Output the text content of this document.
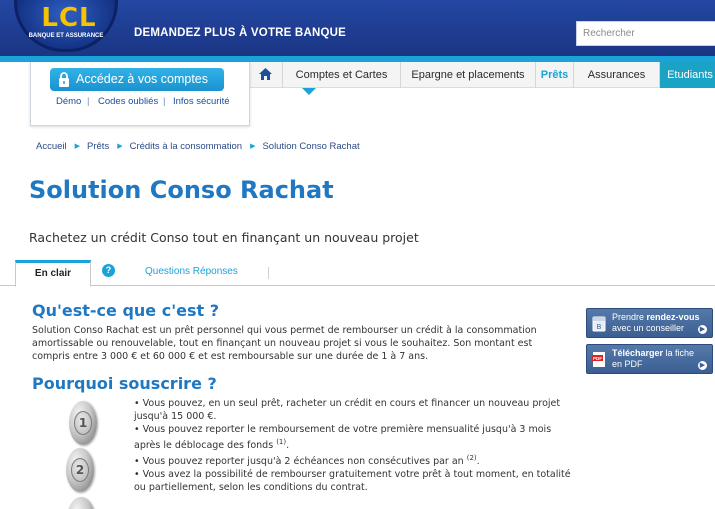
LCL
BANQUE ET ASSURANCE	DEMANDEZ PLUS À VOTRE BANQUE
Rechercher
Comptes et Cartes	Epargne et placements	Prêts	Assurances	Etudiants
Accédez à vos comptes
Démo | Codes oubliés | Infos sécurité
Accueil ▶ Prêts ▶ Crédits à la consommation ▶ Solution Conso Rachat
Solution Conso Rachat
Rachetez un crédit Conso tout en finançant un nouveau projet
En clair	?	Questions Réponses
Qu'est-ce que c'est ?

Solution Conso Rachat est un prêt personnel qui vous permet de rembourser un crédit à la consommation amortissable ou renouvelable, tout en finançant un nouveau projet si vous le souhaitez. Son montant est compris entre 3 000 € et 60 000 € et est remboursable sur une durée de 1 à 7 ans.

Pourquoi souscrire ?
1
2
• Vous pouvez, en un seul prêt, racheter un crédit en cours et financer un nouveau projet jusqu'à 15 000 €.
• Vous pouvez reporter le remboursement de votre première mensualité jusqu'à 3 mois après le déblocage des fonds $^{(1)}$.
• Vous pouvez reporter jusqu'à 2 échéances non consécutives par an $^{(2)}$.
• Vous avez la possibilité de rembourser gratuitement votre prêt à tout moment, en totalité ou partiellement, selon les conditions du contrat.
B
Prendre rendez-vous
avec un conseiller	▶
PDF
Télécharger la fiche
en PDF	▶
